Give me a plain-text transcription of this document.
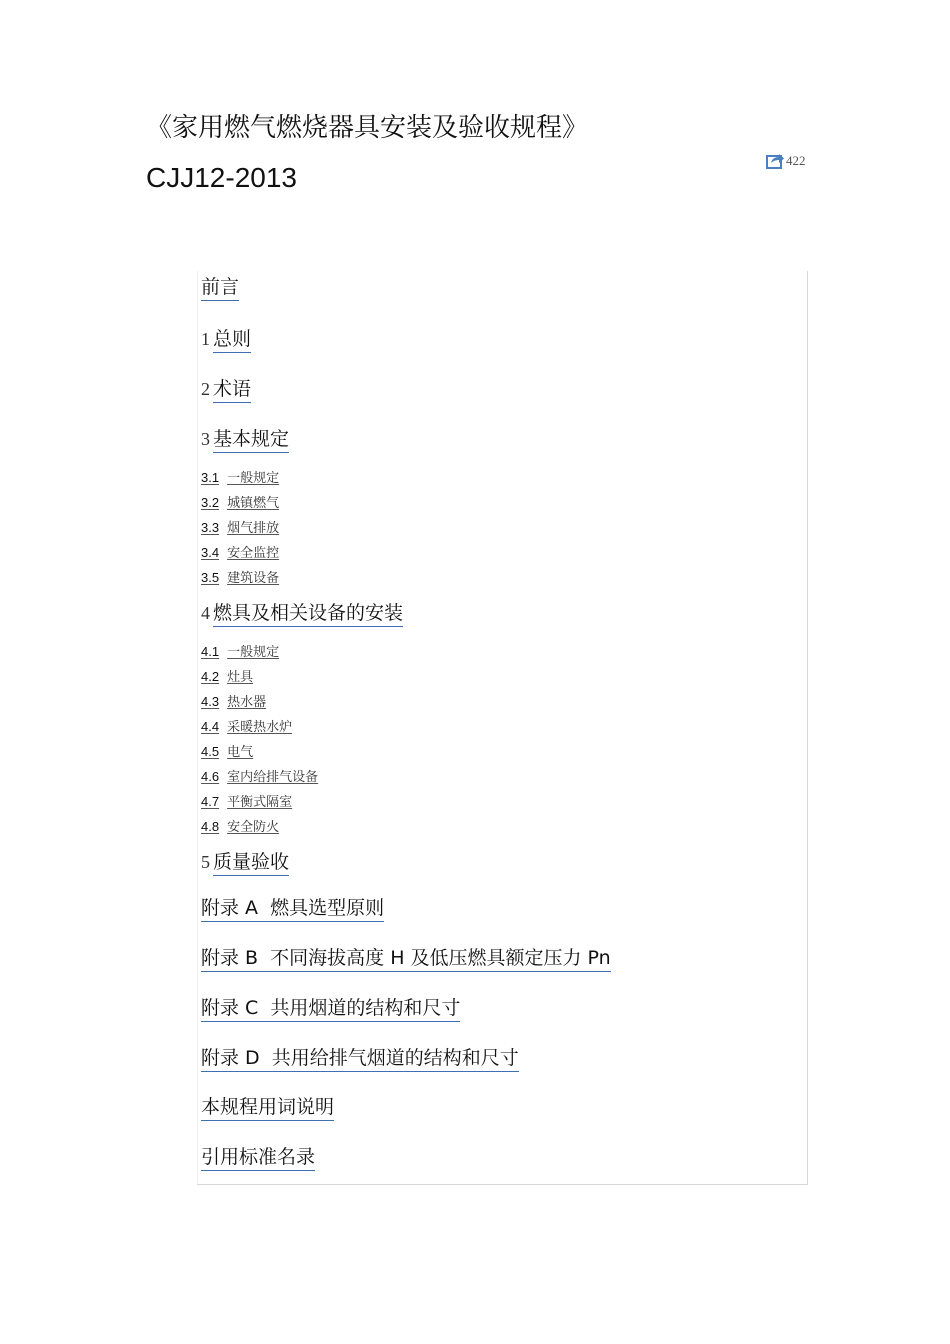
《家用燃气燃烧器具安装及验收规程》
CJJ12-2013
422
前言
1 总则
2 术语
3 基本规定
3.1 一般规定
3.2 城镇燃气
3.3 烟气排放
3.4 安全监控
3.5 建筑设备
4 燃具及相关设备的安装
4.1 一般规定
4.2 灶具
4.3 热水器
4.4 采暖热水炉
4.5 电气
4.6 室内给排气设备
4.7 平衡式隔室
4.8 安全防火
5 质量验收
附录 A  燃具选型原则
附录 B  不同海拔高度 H 及低压燃具额定压力 Pn
附录 C  共用烟道的结构和尺寸
附录 D  共用给排气烟道的结构和尺寸
本规程用词说明
引用标准名录
